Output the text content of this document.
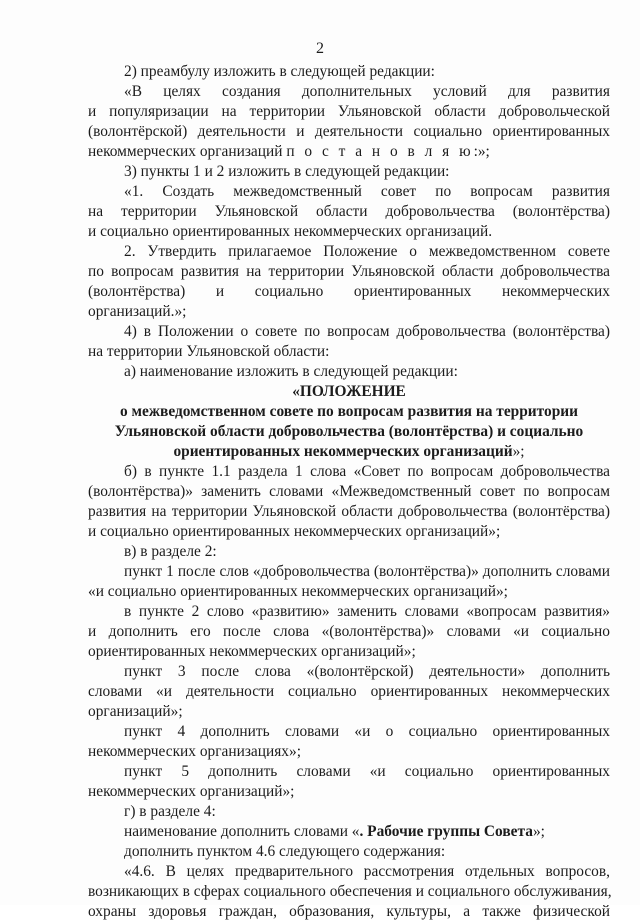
2
2) преамбулу изложить в следующей редакции:
«В целях создания дополнительных условий для развития
и популяризации на территории Ульяновской области добровольческой
(волонтёрской) деятельности и деятельности социально ориентированных
некоммерческих организаций п о с т а н о в л я ю:»;
3) пункты 1 и 2 изложить в следующей редакции:
«1. Создать межведомственный совет по вопросам развития
на территории Ульяновской области добровольчества (волонтёрства)
и социально ориентированных некоммерческих организаций.
2. Утвердить прилагаемое Положение о межведомственном совете
по вопросам развития на территории Ульяновской области добровольчества
(волонтёрства) и социально ориентированных некоммерческих
организаций.»;
4) в Положении о совете по вопросам добровольчества (волонтёрства)
на территории Ульяновской области:
а) наименование изложить в следующей редакции:
«ПОЛОЖЕНИЕ
о межведомственном совете по вопросам развития на территории
Ульяновской области добровольчества (волонтёрства) и социально
ориентированных некоммерческих организаций»;
б) в пункте 1.1 раздела 1 слова «Совет по вопросам добровольчества
(волонтёрства)» заменить словами «Межведомственный совет по вопросам
развития на территории Ульяновской области добровольчества (волонтёрства)
и социально ориентированных некоммерческих организаций»;
в) в разделе 2:
пункт 1 после слов «добровольчества (волонтёрства)» дополнить словами
«и социально ориентированных некоммерческих организаций»;
в пункте 2 слово «развитию» заменить словами «вопросам развития»
и дополнить его после слова «(волонтёрства)» словами «и социально
ориентированных некоммерческих организаций»;
пункт 3 после слова «(волонтёрской) деятельности» дополнить
словами «и деятельности социально ориентированных некоммерческих
организаций»;
пункт 4 дополнить словами «и о социально ориентированных
некоммерческих организациях»;
пункт 5 дополнить словами «и социально ориентированных
некоммерческих организаций»;
г) в разделе 4:
наименование дополнить словами «. Рабочие группы Совета»;
дополнить пунктом 4.6 следующего содержания:
«4.6. В целях предварительного рассмотрения отдельных вопросов,
возникающих в сферах социального обеспечения и социального обслуживания,
охраны здоровья граждан, образования, культуры, а также физической
